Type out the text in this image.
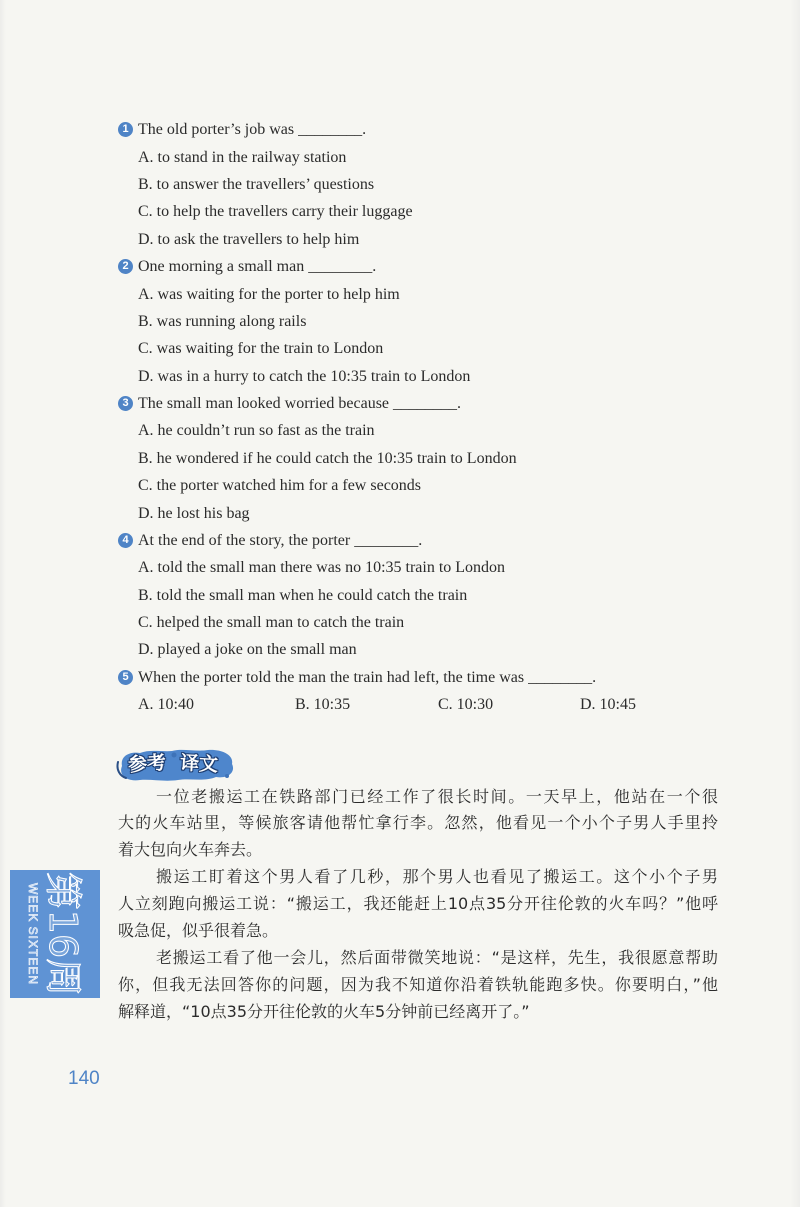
1 The old porter’s job was ________.
A. to stand in the railway station
B. to answer the travellers’ questions
C. to help the travellers carry their luggage
D. to ask the travellers to help him
2 One morning a small man ________.
A. was waiting for the porter to help him
B. was running along rails
C. was waiting for the train to London
D. was in a hurry to catch the 10:35 train to London
3 The small man looked worried because ________.
A. he couldn’t run so fast as the train
B. he wondered if he could catch the 10:35 train to London
C. the porter watched him for a few seconds
D. he lost his bag
4 At the end of the story, the porter ________.
A. told the small man there was no 10:35 train to London
B. told the small man when he could catch the train
C. helped the small man to catch the train
D. played a joke on the small man
5 When the porter told the man the train had left, the time was ________.
A. 10:40	B. 10:35	C. 10:30	D. 10:45
参考 译文
一位老搬运工在铁路部门已经工作了很长时间。一天早上，他站在一个很
大的火车站里，等候旅客请他帮忙拿行李。忽然，他看见一个小个子男人手里拎
着大包向火车奔去。
搬运工盯着这个男人看了几秒，那个男人也看见了搬运工。这个小个子男
人立刻跑向搬运工说：“搬运工，我还能赶上10点35分开往伦敦的火车吗？”他呼
吸急促，似乎很着急。
老搬运工看了他一会儿，然后面带微笑地说：“是这样，先生，我很愿意帮助
你，但我无法回答你的问题，因为我不知道你沿着铁轨能跑多快。你要明白，”他
解释道，“10点35分开往伦敦的火车5分钟前已经离开了。”
第16周
WEEK SIXTEEN
140
